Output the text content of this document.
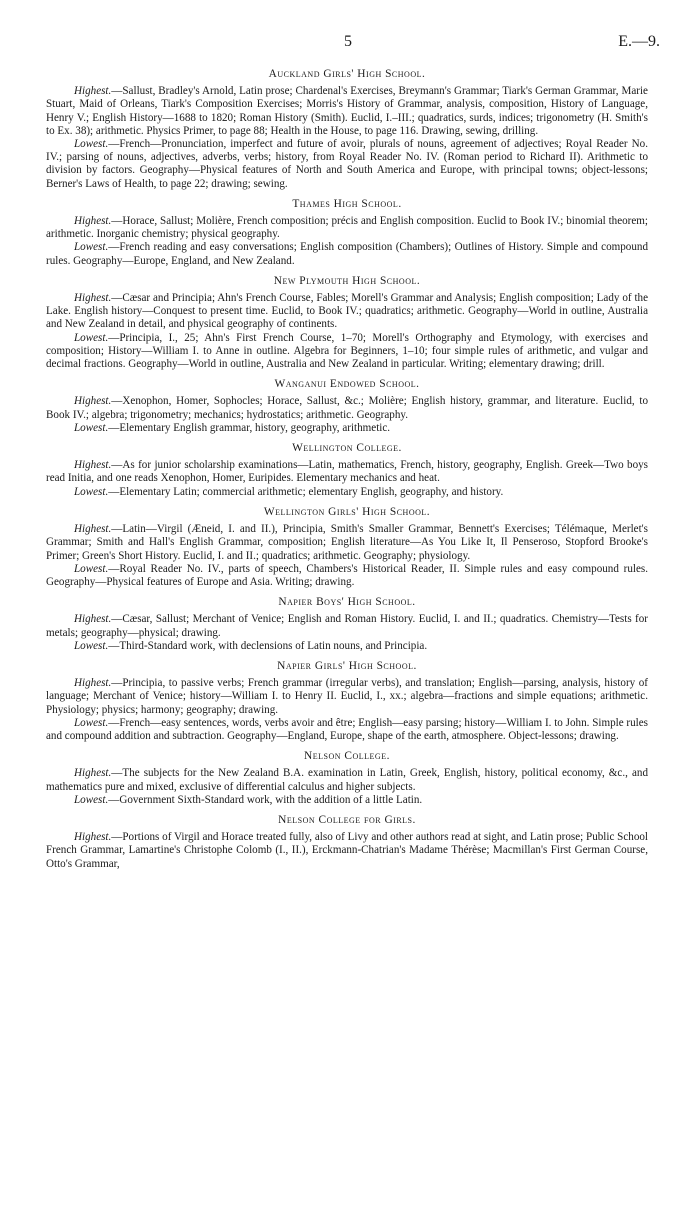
5	E.—9.
Auckland Girls' High School.

Highest.—Sallust, Bradley's Arnold, Latin prose; Chardenal's Exercises, Breymann's Grammar; Tiark's German Grammar, Marie Stuart, Maid of Orleans, Tiark's Composition Exercises; Morris's History of Grammar, analysis, composition, History of Language, Henry V.; English History—1688 to 1820; Roman History (Smith). Euclid, I.–III.; quadratics, surds, indices; trigonometry (H. Smith's to Ex. 38); arithmetic. Physics Primer, to page 88; Health in the House, to page 116. Drawing, sewing, drilling.

Lowest.—French—Pronunciation, imperfect and future of avoir, plurals of nouns, agreement of adjectives; Royal Reader No. IV.; parsing of nouns, adjectives, adverbs, verbs; history, from Royal Reader No. IV. (Roman period to Richard II). Arithmetic to division by factors. Geography—Physical features of North and South America and Europe, with principal towns; object-lessons; Berner's Laws of Health, to page 22; drawing; sewing.

Thames High School.

Highest.—Horace, Sallust; Molière, French composition; précis and English composition. Euclid to Book IV.; binomial theorem; arithmetic. Inorganic chemistry; physical geography.

Lowest.—French reading and easy conversations; English composition (Chambers); Outlines of History. Simple and compound rules. Geography—Europe, England, and New Zealand.

New Plymouth High School.

Highest.—Cæsar and Principia; Ahn's French Course, Fables; Morell's Grammar and Analysis; English composition; Lady of the Lake. English history—Conquest to present time. Euclid, to Book IV.; quadratics; arithmetic. Geography—World in outline, Australia and New Zealand in detail, and physical geography of continents.

Lowest.—Principia, I., 25; Ahn's First French Course, 1–70; Morell's Orthography and Etymology, with exercises and composition; History—William I. to Anne in outline. Algebra for Beginners, 1–10; four simple rules of arithmetic, and vulgar and decimal fractions. Geography—World in outline, Australia and New Zealand in particular. Writing; elementary drawing; drill.

Wanganui Endowed School.

Highest.—Xenophon, Homer, Sophocles; Horace, Sallust, &c.; Molière; English history, grammar, and literature. Euclid, to Book IV.; algebra; trigonometry; mechanics; hydrostatics; arithmetic. Geography.

Lowest.—Elementary English grammar, history, geography, arithmetic.

Wellington College.

Highest.—As for junior scholarship examinations—Latin, mathematics, French, history, geography, English. Greek—Two boys read Initia, and one reads Xenophon, Homer, Euripides. Elementary mechanics and heat.

Lowest.—Elementary Latin; commercial arithmetic; elementary English, geography, and history.

Wellington Girls' High School.

Highest.—Latin—Virgil (Æneid, I. and II.), Principia, Smith's Smaller Grammar, Bennett's Exercises; Télémaque, Merlet's Grammar; Smith and Hall's English Grammar, composition; English literature—As You Like It, Il Penseroso, Stopford Brooke's Primer; Green's Short History. Euclid, I. and II.; quadratics; arithmetic. Geography; physiology.

Lowest.—Royal Reader No. IV., parts of speech, Chambers's Historical Reader, II. Simple rules and easy compound rules. Geography—Physical features of Europe and Asia. Writing; drawing.

Napier Boys' High School.

Highest.—Cæsar, Sallust; Merchant of Venice; English and Roman History. Euclid, I. and II.; quadratics. Chemistry—Tests for metals; geography—physical; drawing.

Lowest.—Third-Standard work, with declensions of Latin nouns, and Principia.

Napier Girls' High School.

Highest.—Principia, to passive verbs; French grammar (irregular verbs), and translation; English—parsing, analysis, history of language; Merchant of Venice; history—William I. to Henry II. Euclid, I., xx.; algebra—fractions and simple equations; arithmetic. Physiology; physics; harmony; geography; drawing.

Lowest.—French—easy sentences, words, verbs avoir and être; English—easy parsing; history—William I. to John. Simple rules and compound addition and subtraction. Geography—England, Europe, shape of the earth, atmosphere. Object-lessons; drawing.

Nelson College.

Highest.—The subjects for the New Zealand B.A. examination in Latin, Greek, English, history, political economy, &c., and mathematics pure and mixed, exclusive of differential calculus and higher subjects.

Lowest.—Government Sixth-Standard work, with the addition of a little Latin.

Nelson College for Girls.

Highest.—Portions of Virgil and Horace treated fully, also of Livy and other authors read at sight, and Latin prose; Public School French Grammar, Lamartine's Christophe Colomb (I., II.), Erckmann-Chatrian's Madame Thérèse; Macmillan's First German Course, Otto's Grammar,
